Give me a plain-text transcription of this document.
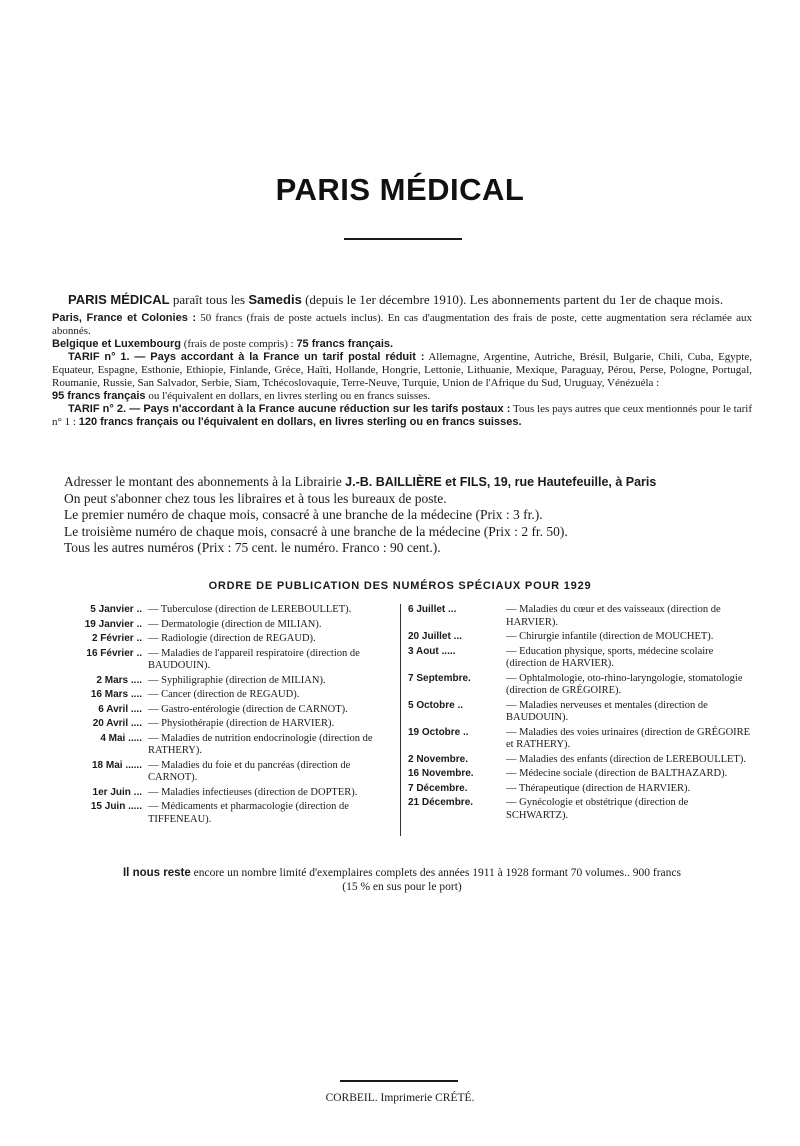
PARIS MÉDICAL

PARIS MÉDICAL paraît tous les Samedis (depuis le 1er décembre 1910). Les abonnements partent du 1er de chaque mois.

Paris, France et Colonies : 50 francs (frais de poste actuels inclus). En cas d'augmentation des frais de poste, cette augmentation sera réclamée aux abonnés.

Belgique et Luxembourg (frais de poste compris) : 75 francs français.

TARIF n° 1. — Pays accordant à la France un tarif postal réduit : Allemagne, Argentine, Autriche, Brésil, Bulgarie, Chili, Cuba, Egypte, Equateur, Espagne, Esthonie, Ethiopie, Finlande, Grèce, Haïti, Hollande, Hongrie, Lettonie, Lithuanie, Mexique, Paraguay, Pérou, Perse, Pologne, Portugal, Roumanie, Russie, San Salvador, Serbie, Siam, Tchécoslovaquie, Terre-Neuve, Turquie, Union de l'Afrique du Sud, Uruguay, Vénézuéla :

95 francs français ou l'équivalent en dollars, en livres sterling ou en francs suisses.

TARIF n° 2. — Pays n'accordant à la France aucune réduction sur les tarifs postaux : Tous les pays autres que ceux mentionnés pour le tarif n° 1 : 120 francs français ou l'équivalent en dollars, en livres sterling ou en francs suisses.

Adresser le montant des abonnements à la Librairie J.-B. BAILLIÈRE et FILS, 19, rue Hautefeuille, à Paris

On peut s'abonner chez tous les libraires et à tous les bureaux de poste.

Le premier numéro de chaque mois, consacré à une branche de la médecine (Prix : 3 fr.).

Le troisième numéro de chaque mois, consacré à une branche de la médecine (Prix : 2 fr. 50).

Tous les autres numéros (Prix : 75 cent. le numéro. Franco : 90 cent.).

ORDRE DE PUBLICATION DES NUMÉROS SPÉCIAUX POUR 1929
5 Janvier .. — Tuberculose (direction de LEREBOULLET).
19 Janvier .. — Dermatologie (direction de MILIAN).
2 Février .. — Radiologie (direction de REGAUD).
16 Février .. — Maladies de l'appareil respiratoire (direction de BAUDOUIN).
2 Mars .... — Syphiligraphie (direction de MILIAN).
16 Mars .... — Cancer (direction de REGAUD).
6 Avril .... — Gastro-entérologie (direction de CARNOT).
20 Avril .... — Physiothérapie (direction de HARVIER).
4 Mai ..... — Maladies de nutrition endocrinologie (direction de RATHERY).
18 Mai ...... — Maladies du foie et du pancréas (direction de CARNOT).
1er Juin ... — Maladies infectieuses (direction de DOPTER).
15 Juin ..... — Médicaments et pharmacologie (direction de TIFFENEAU).
6 Juillet ...	— Maladies du cœur et des vaisseaux (direction de HARVIER).
20 Juillet ...	— Chirurgie infantile (direction de MOUCHET).
3 Aout .....	— Education physique, sports, médecine scolaire (direction de HARVIER).
7 Septembre.	— Ophtalmologie, oto-rhino-laryngologie, stomatologie (direction de GRÉGOIRE).
5 Octobre ..	— Maladies nerveuses et mentales (direction de BAUDOUIN).
19 Octobre ..	— Maladies des voies urinaires (direction de GRÉGOIRE et RATHERY).
2 Novembre.	— Maladies des enfants (direction de LEREBOULLET).
16 Novembre.	— Médecine sociale (direction de BALTHAZARD).
7 Décembre.	— Thérapeutique (direction de HARVIER).
21 Décembre.	— Gynécologie et obstétrique (direction de SCHWARTZ).
Il nous reste encore un nombre limité d'exemplaires complets des années 1911 à 1928 formant 70 volumes.. 900 francs
(15 % en sus pour le port)
CORBEIL. Imprimerie CRÉTÉ.
